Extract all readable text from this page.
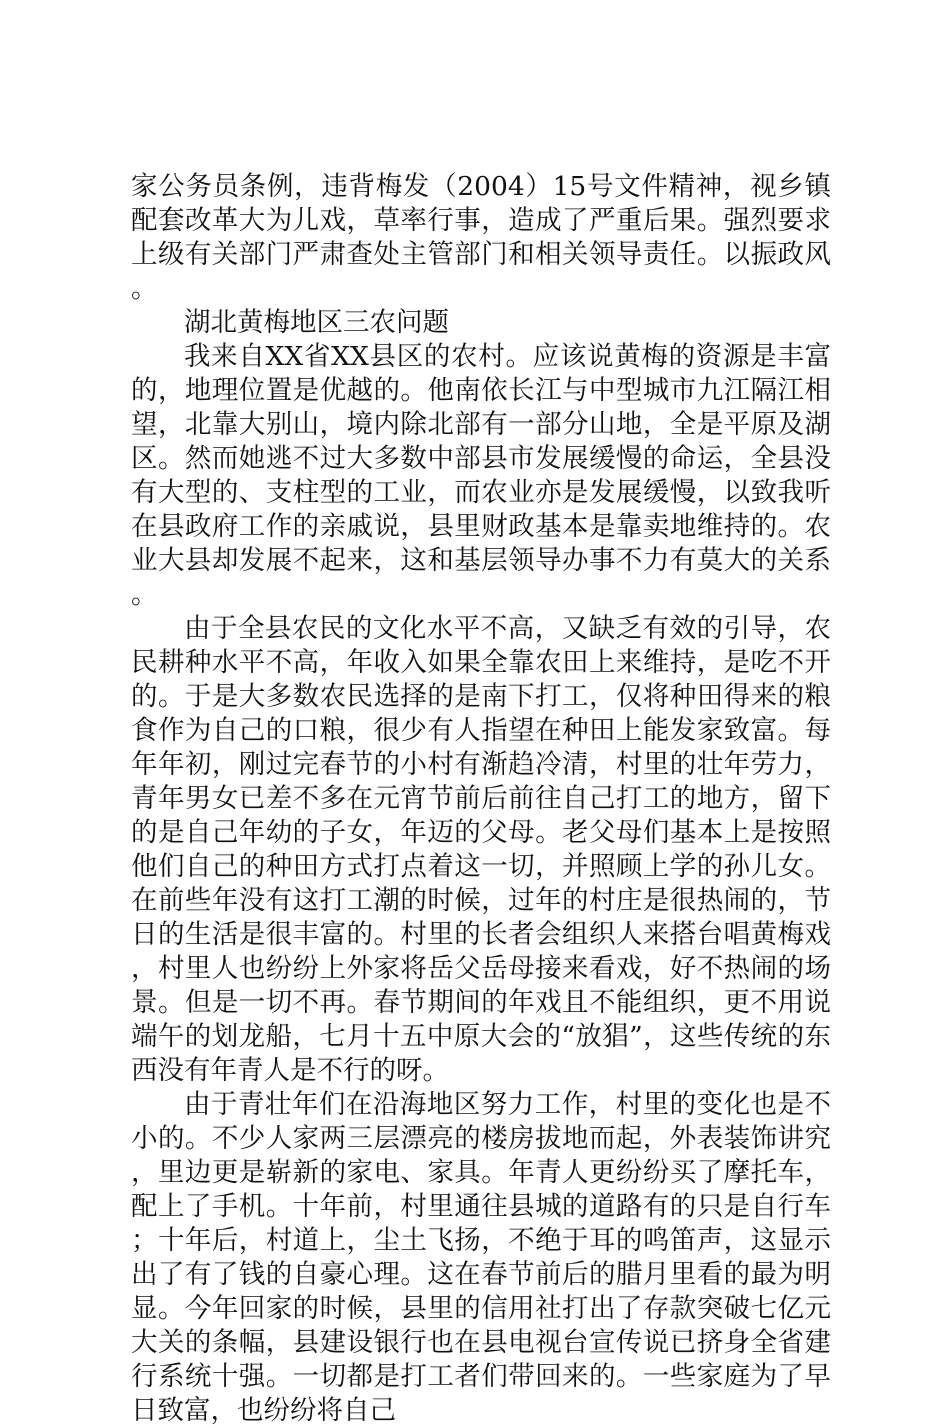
家公务员条例，违背梅发（2004）15号文件精神，视乡镇配套改革大为儿戏，草率行事，造成了严重后果。强烈要求上级有关部门严肃查处主管部门和相关领导责任。以振政风。

湖北黄梅地区三农问题

我来自XX省XX县区的农村。应该说黄梅的资源是丰富的，地理位置是优越的。他南依长江与中型城市九江隔江相望，北靠大别山，境内除北部有一部分山地，全是平原及湖区。然而她逃不过大多数中部县市发展缓慢的命运，全县没有大型的、支柱型的工业，而农业亦是发展缓慢，以致我听在县政府工作的亲戚说，县里财政基本是靠卖地维持的。农业大县却发展不起来，这和基层领导办事不力有莫大的关系。

由于全县农民的文化水平不高，又缺乏有效的引导，农民耕种水平不高，年收入如果全靠农田上来维持，是吃不开的。于是大多数农民选择的是南下打工，仅将种田得来的粮食作为自己的口粮，很少有人指望在种田上能发家致富。每年年初，刚过完春节的小村有渐趋冷清，村里的壮年劳力，青年男女已差不多在元宵节前后前往自己打工的地方，留下的是自己年幼的子女，年迈的父母。老父母们基本上是按照他们自己的种田方式打点着这一切，并照顾上学的孙儿女。在前些年没有这打工潮的时候，过年的村庄是很热闹的，节日的生活是很丰富的。村里的长者会组织人来搭台唱黄梅戏，村里人也纷纷上外家将岳父岳母接来看戏，好不热闹的场景。但是一切不再。春节期间的年戏且不能组织，更不用说端午的划龙船，七月十五中原大会的“放猖”，这些传统的东西没有年青人是不行的呀。

由于青壮年们在沿海地区努力工作，村里的变化也是不小的。不少人家两三层漂亮的楼房拔地而起，外表装饰讲究，里边更是崭新的家电、家具。年青人更纷纷买了摩托车，配上了手机。十年前，村里通往县城的道路有的只是自行车；十年后，村道上，尘土飞扬，不绝于耳的鸣笛声，这显示出了有了钱的自豪心理。这在春节前后的腊月里看的最为明显。今年回家的时候，县里的信用社打出了存款突破七亿元大关的条幅，县建设银行也在县电视台宣传说已挤身全省建行系统十强。一切都是打工者们带回来的。一些家庭为了早日致富，也纷纷将自己
